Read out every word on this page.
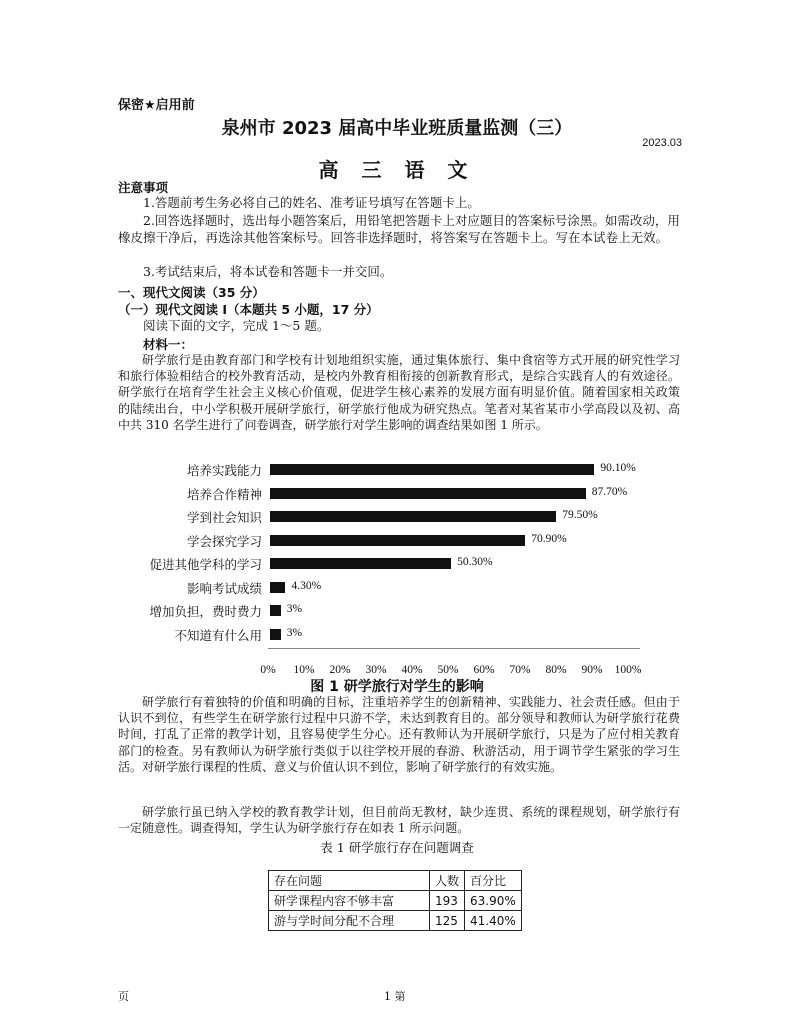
保密★启用前
泉州市 2023 届高中毕业班质量监测（三）
2023.03
高 三 语 文
注意事项
1.答题前考生务必将自己的姓名、准考证号填写在答题卡上。
2.回答选择题时，选出每小题答案后，用铅笔把答题卡上对应题目的答案标号涂黑。如需改动，用橡皮擦干净后，再选涂其他答案标号。回答非选择题时，将答案写在答题卡上。写在本试卷上无效。
3.考试结束后，将本试卷和答题卡一并交回。
一、现代文阅读（35 分）
（一）现代文阅读 I（本题共 5 小题，17 分）
阅读下面的文字，完成 1～5 题。
材料一：
研学旅行是由教育部门和学校有计划地组织实施，通过集体旅行、集中食宿等方式开展的研究性学习和旅行体验相结合的校外教育活动，是校内外教育相衔接的创新教育形式，是综合实践育人的有效途径。研学旅行在培育学生社会主义核心价值观，促进学生核心素养的发展方面有明显价值。随着国家相关政策的陆续出台，中小学积极开展研学旅行，研学旅行他成为研究热点。笔者对某省某市小学高段以及初、高中共 310 名学生进行了问卷调查，研学旅行对学生影响的调查结果如图 1 所示。
培养实践能力	90.10%
培养合作精神	87.70%
学到社会知识	79.50%
学会探究学习	70.90%
促进其他学科的学习	50.30%
影响考试成绩	4.30%
增加负担，费时费力 3%
不知道有什么用 3%
0% 10% 20% 30% 40% 50% 60% 70% 80% 90% 100%
图 1 研学旅行对学生的影响
研学旅行有着独特的价值和明确的目标，注重培养学生的创新精神、实践能力、社会责任感。但由于认识不到位，有些学生在研学旅行过程中只游不学，未达到教育目的。部分领导和教师认为研学旅行花费时间，打乱了正常的教学计划，且容易使学生分心。还有教师认为开展研学旅行，只是为了应付相关教育部门的检查。另有教师认为研学旅行类似于以往学校开展的春游、秋游活动，用于调节学生紧张的学习生活。对研学旅行课程的性质、意义与价值认识不到位，影响了研学旅行的有效实施。
研学旅行虽已纳入学校的教育教学计划，但目前尚无教材，缺少连贯、系统的课程规划，研学旅行有一定随意性。调查得知，学生认为研学旅行存在如表 1 所示问题。
表 1 研学旅行存在问题调查
存在问题	人数	百分比
研学课程内容不够丰富	193	63.90%
游与学时间分配不合理	125	41.40%
页	1 第
